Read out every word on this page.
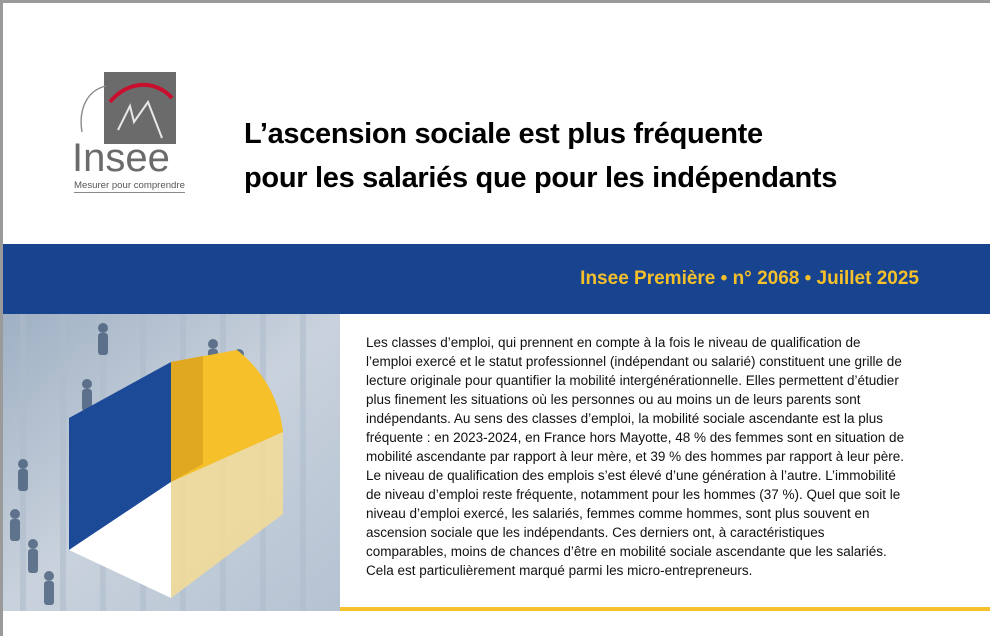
Insee
Mesurer pour comprendre
L’ascension sociale est plus fréquente
pour les salariés que pour les indépendants
Insee Première • n° 2068 • Juillet 2025
Les classes d’emploi, qui prennent en compte à la fois le niveau de qualification de l’emploi exercé et le statut professionnel (indépendant ou salarié) constituent une grille de lecture originale pour quantifier la mobilité intergénérationnelle. Elles permettent d’étudier plus finement les situations où les personnes ou au moins un de leurs parents sont indépendants. Au sens des classes d’emploi, la mobilité sociale ascendante est la plus fréquente : en 2023-2024, en France hors Mayotte, 48 % des femmes sont en situation de mobilité ascendante par rapport à leur mère, et 39 % des hommes par rapport à leur père. Le niveau de qualification des emplois s’est élevé d’une génération à l’autre. L’immobilité de niveau d’emploi reste fréquente, notamment pour les hommes (37 %). Quel que soit le niveau d’emploi exercé, les salariés, femmes comme hommes, sont plus souvent en ascension sociale que les indépendants. Ces derniers ont, à caractéristiques comparables, moins de chances d’être en mobilité sociale ascendante que les salariés. Cela est particulièrement marqué parmi les micro-entrepreneurs.
